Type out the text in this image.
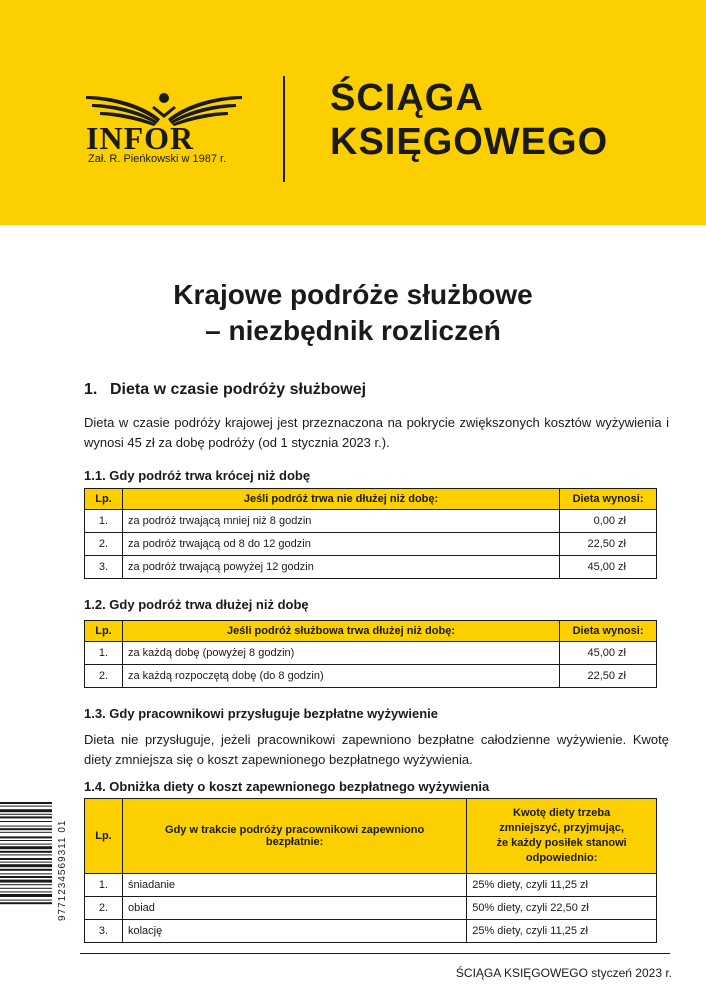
INFOR
Zał. R. Pieńkowski w 1987 r.
ŚCIĄGA
KSIĘGOWEGO
Krajowe podróże służbowe
– niezbędnik rozliczeń
1. Dieta w czasie podróży służbowej
Dieta w czasie podróży krajowej jest przeznaczona na pokrycie zwiększonych kosztów wyżywienia i wynosi 45 zł za dobę podróży (od 1 stycznia 2023 r.).
1.1. Gdy podróż trwa krócej niż dobę
Lp.	Jeśli podróż trwa nie dłużej niż dobę:	Dieta wynosi:
1.	za podróż trwającą mniej niż 8 godzin	0,00 zł
2.	za podróż trwającą od 8 do 12 godzin	22,50 zł
3.	za podróż trwającą powyżej 12 godzin	45,00 zł
1.2. Gdy podróż trwa dłużej niż dobę
Lp.	Jeśli podróż służbowa trwa dłużej niż dobę:	Dieta wynosi:
1.	za każdą dobę (powyżej 8 godzin)	45,00 zł
2.	za każdą rozpoczętą dobę (do 8 godzin)	22,50 zł
1.3. Gdy pracownikowi przysługuje bezpłatne wyżywienie
Dieta nie przysługuje, jeżeli pracownikowi zapewniono bezpłatne całodzienne wyżywienie. Kwotę diety zmniejsza się o koszt zapewnionego bezpłatnego wyżywienia.
1.4. Obniżka diety o koszt zapewnionego bezpłatnego wyżywienia
Lp.	Gdy w trakcie podróży pracownikowi zapewniono bezpłatnie:	Kwotę diety trzeba zmniejszyć, przyjmując, że każdy posiłek stanowi odpowiednio:
1.	śniadanie	25% diety, czyli 11,25 zł
2.	obiad	50% diety, czyli 22,50 zł
3.	kolację	25% diety, czyli 11,25 zł
9771234569311 01
ŚCIĄGA KSIĘGOWEGO styczeń 2023 r.
